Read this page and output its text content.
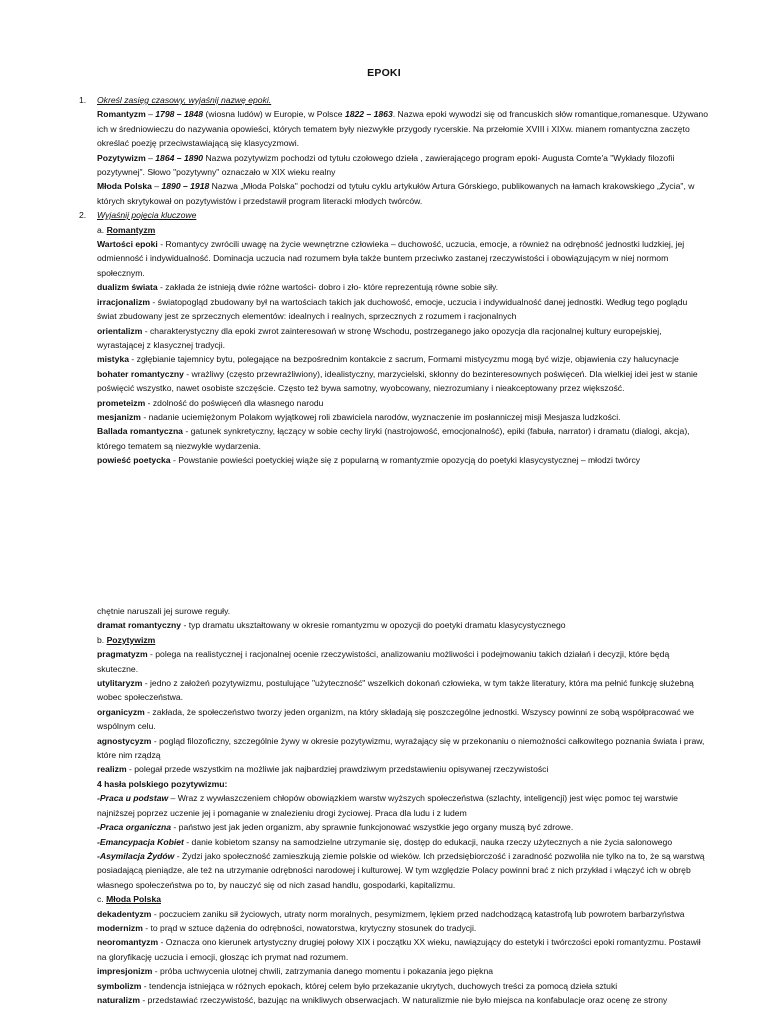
EPOKI
1.
2.

Określ zasięg czasowy, wyjaśnij nazwę epoki.

Romantyzm – 1798 – 1848 (wiosna ludów) w Europie, w Polsce 1822 – 1863. Nazwa epoki wywodzi się od francuskich słów romantique,romanesque. Używano ich w średniowieczu do nazywania opowieści, których tematem były niezwykłe przygody rycerskie. Na przełomie XVIII i XIXw. mianem romantyczna zaczęto określać poezję przeciwstawiającą się klasycyzmowi.

Pozytywizm – 1864 – 1890 Nazwa pozytywizm pochodzi od tytułu czołowego dzieła , zawierającego program epoki- Augusta Comte'a "Wykłady filozofii pozytywnej". Słowo "pozytywny" oznaczało w XIX wieku realny

Młoda Polska – 1890 – 1918 Nazwa „Młoda Polska" pochodzi od tytułu cyklu artykułów Artura Górskiego, publikowanych na łamach krakowskiego „Życia", w których skrytykował on pozytywistów i przedstawił program literacki młodych twórców.

Wyjaśnij pojęcia kluczowe

a. Romantyzm

Wartości epoki - Romantycy zwrócili uwagę na życie wewnętrzne człowieka – duchowość, uczucia, emocje, a również na odrębność jednostki ludzkiej, jej odmienność i indywidualność. Dominacja uczucia nad rozumem była także buntem przeciwko zastanej rzeczywistości i obowiązującym w niej normom społecznym.

dualizm świata - zakłada że istnieją dwie różne wartości- dobro i zło- które reprezentują równe sobie siły.

irracjonalizm - światopogląd zbudowany był na wartościach takich jak duchowość, emocje, uczucia i indywidualność danej jednostki. Według tego poglądu świat zbudowany jest ze sprzecznych elementów: idealnych i realnych, sprzecznych z rozumem i racjonalnych

orientalizm - charakterystyczny dla epoki zwrot zainteresowań w stronę Wschodu, postrzeganego jako opozycja dla racjonalnej kultury europejskiej, wyrastającej z klasycznej tradycji.

mistyka - zgłębianie tajemnicy bytu, polegające na bezpośrednim kontakcie z sacrum, Formami mistycyzmu mogą być wizje, objawienia czy halucynacje

bohater romantyczny - wrażliwy (często przewrażliwiony), idealistyczny, marzycielski, skłonny do bezinteresownych poświęceń. Dla wielkiej idei jest w stanie poświęcić wszystko, nawet osobiste szczęście. Często też bywa samotny, wyobcowany, niezrozumiany i nieakceptowany przez większość.

prometeizm - zdolność do poświęceń dla własnego narodu

mesjanizm - nadanie uciemiężonym Polakom wyjątkowej roli zbawiciela narodów, wyznaczenie im posłanniczej misji Mesjasza ludzkości.

Ballada romantyczna - gatunek synkretyczny, łączący w sobie cechy liryki (nastrojowość, emocjonalność), epiki (fabuła, narrator) i dramatu (dialogi, akcja), którego tematem są niezwykłe wydarzenia.

powieść poetycka - Powstanie powieści poetyckiej wiąże się z popularną w romantyzmie opozycją do poetyki klasycystycznej – młodzi twórcy

chętnie naruszali jej surowe reguły.

dramat romantyczny - typ dramatu ukształtowany w okresie romantyzmu w opozycji do poetyki dramatu klasycystycznego

b. Pozytywizm

pragmatyzm - polega na realistycznej i racjonalnej ocenie rzeczywistości, analizowaniu możliwości i podejmowaniu takich działań i decyzji, które będą skuteczne.

utylitaryzm - jedno z założeń pozytywizmu, postulujące "użyteczność" wszelkich dokonań człowieka, w tym także literatury, która ma pełnić funkcję służebną wobec społeczeństwa.

organicyzm - zakłada, że społeczeństwo tworzy jeden organizm, na który składają się poszczególne jednostki. Wszyscy powinni ze sobą współpracować we wspólnym celu.

agnostycyzm - pogląd filozoficzny, szczególnie żywy w okresie pozytywizmu, wyrażający się w przekonaniu o niemożności całkowitego poznania świata i praw, które nim rządzą

realizm - polegał przede wszystkim na możliwie jak najbardziej prawdziwym przedstawieniu opisywanej rzeczywistości

4 hasła polskiego pozytywizmu:

-Praca u podstaw – Wraz z wywłaszczeniem chłopów obowiązkiem warstw wyższych społeczeństwa (szlachty, inteligencji) jest więc pomoc tej warstwie najniższej poprzez uczenie jej i pomaganie w znalezieniu drogi życiowej. Praca dla ludu i z ludem

-Praca organiczna - państwo jest jak jeden organizm, aby sprawnie funkcjonować wszystkie jego organy muszą być zdrowe.

-Emancypacja Kobiet - danie kobietom szansy na samodzielne utrzymanie się, dostęp do edukacji, nauka rzeczy użytecznych a nie życia salonowego

-Asymilacja Żydów - Żydzi jako społeczność zamieszkują ziemie polskie od wieków. Ich przedsiębiorczość i zaradność pozwoliła nie tylko na to, że są warstwą posiadającą pieniądze, ale też na utrzymanie odrębności narodowej i kulturowej. W tym względzie Polacy powinni brać z nich przykład i włączyć ich w obręb własnego społeczeństwa po to, by nauczyć się od nich zasad handlu, gospodarki, kapitalizmu.

c. Młoda Polska

dekadentyzm - poczuciem zaniku sił życiowych, utraty norm moralnych, pesymizmem, lękiem przed nadchodzącą katastrofą lub powrotem barbarzyństwa

modernizm - to prąd w sztuce dążenia do odrębności, nowatorstwa, krytyczny stosunek do tradycji.

neoromantyzm - Oznacza ono kierunek artystyczny drugiej połowy XIX i początku XX wieku, nawiązujący do estetyki i twórczości epoki romantyzmu. Postawił na gloryfikację uczucia i emocji, głosząc ich prymat nad rozumem.

impresjonizm - próba uchwycenia ulotnej chwili, zatrzymania danego momentu i pokazania jego piękna

symbolizm - tendencja istniejąca w różnych epokach, której celem było przekazanie ukrytych, duchowych treści za pomocą dzieła sztuki

naturalizm - przedstawiać rzeczywistość, bazując na wnikliwych obserwacjach. W naturalizmie nie było miejsca na konfabulacje oraz ocenę ze strony
